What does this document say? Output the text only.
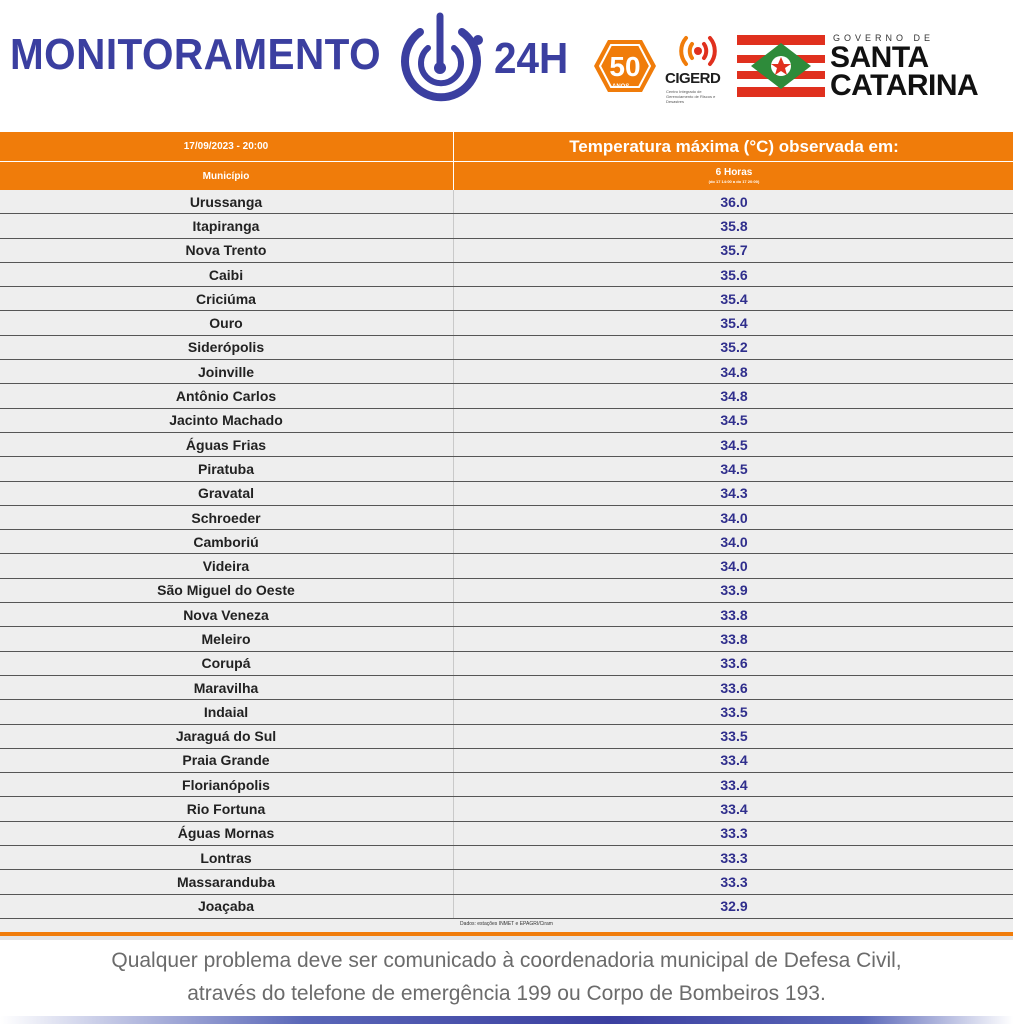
MONITORAMENTO	24H 50
ANOS CIGERD
Centro Integrado de Gerenciamento de Riscos e Desastres
GOVERNO DE
SANTA
CATARINA
17/09/2023 - 20:00	Temperatura máxima (°C) observada em:
Município	6 Horas
(do 17 14:00 a do 17 20:00)
Urussanga	36.0
Itapiranga	35.8
Nova Trento	35.7
Caibi	35.6
Criciúma	35.4
Ouro	35.4
Siderópolis	35.2
Joinville	34.8
Antônio Carlos	34.8
Jacinto Machado	34.5
Águas Frias	34.5
Piratuba	34.5
Gravatal	34.3
Schroeder	34.0
Camboriú	34.0
Videira	34.0
São Miguel do Oeste	33.9
Nova Veneza	33.8
Meleiro	33.8
Corupá	33.6
Maravilha	33.6
Indaial	33.5
Jaraguá do Sul	33.5
Praia Grande	33.4
Florianópolis	33.4
Rio Fortuna	33.4
Águas Mornas	33.3
Lontras	33.3
Massaranduba	33.3
Joaçaba	32.9
Dados: estações INMET e EPAGRI/Ciram
Qualquer problema deve ser comunicado à coordenadoria municipal de Defesa Civil,
através do telefone de emergência 199 ou Corpo de Bombeiros 193.
